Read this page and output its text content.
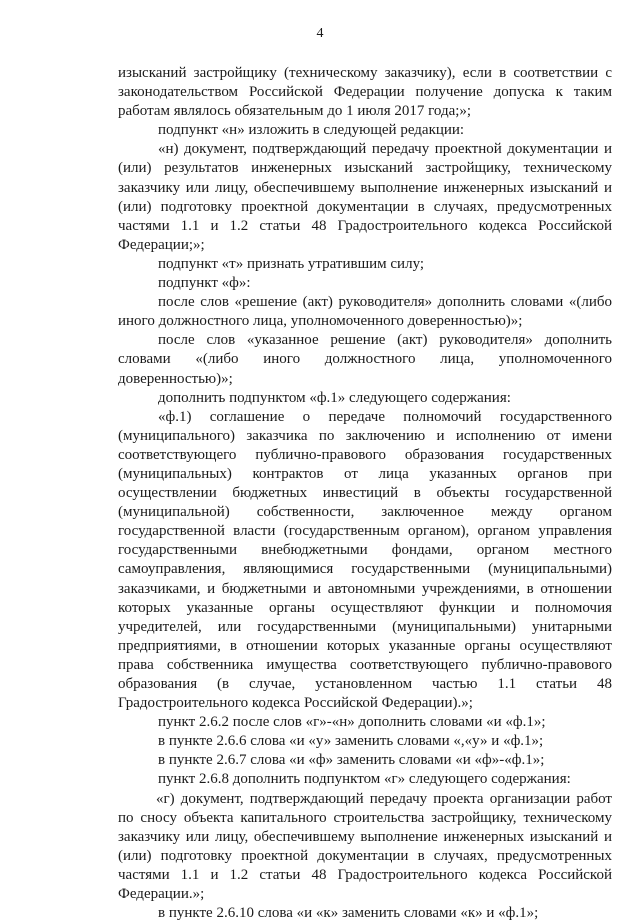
4

изысканий застройщику (техническому заказчику), если в соответствии с законодательством Российской Федерации получение допуска к таким работам являлось обязательным до 1 июля 2017 года;»;

подпункт «н» изложить в следующей редакции:

«н) документ, подтверждающий передачу проектной документации и (или) результатов инженерных изысканий застройщику, техническому заказчику или лицу, обеспечившему выполнение инженерных изысканий и (или) подготовку проектной документации в случаях, предусмотренных частями 1.1 и 1.2 статьи 48 Градостроительного кодекса Российской Федерации;»;

подпункт «т» признать утратившим силу;

подпункт «ф»:

после слов «решение (акт) руководителя» дополнить словами «(либо иного должностного лица, уполномоченного доверенностью)»;

после слов «указанное решение (акт) руководителя» дополнить словами «(либо иного должностного лица, уполномоченного доверенностью)»;

дополнить подпунктом «ф.1» следующего содержания:

«ф.1) соглашение о передаче полномочий государственного (муниципального) заказчика по заключению и исполнению от имени соответствующего публично-правового образования государственных (муниципальных) контрактов от лица указанных органов при осуществлении бюджетных инвестиций в объекты государственной (муниципальной) собственности, заключенное между органом государственной власти (государственным органом), органом управления государственными внебюджетными фондами, органом местного самоуправления, являющимися государственными (муниципальными) заказчиками, и бюджетными и автономными учреждениями, в отношении которых указанные органы осуществляют функции и полномочия учредителей, или государственными (муниципальными) унитарными предприятиями, в отношении которых указанные органы осуществляют права собственника имущества соответствующего публично-правового образования (в случае, установленном частью 1.1 статьи 48 Градостроительного кодекса Российской Федерации).»;

пункт 2.6.2 после слов «г»-«н» дополнить словами «и «ф.1»;

в пункте 2.6.6 слова «и «у» заменить словами «,«у» и «ф.1»;

в пункте 2.6.7 слова «и «ф» заменить словами «и «ф»-«ф.1»;

пункт 2.6.8 дополнить подпунктом «г» следующего содержания:

«г) документ, подтверждающий передачу проекта организации работ по сносу объекта капитального строительства застройщику, техническому заказчику или лицу, обеспечившему выполнение инженерных изысканий и (или) подготовку проектной документации в случаях, предусмотренных частями 1.1 и 1.2 статьи 48 Градостроительного кодекса Российской Федерации.»;

в пункте 2.6.10 слова «и «к» заменить словами «к» и «ф.1»;
